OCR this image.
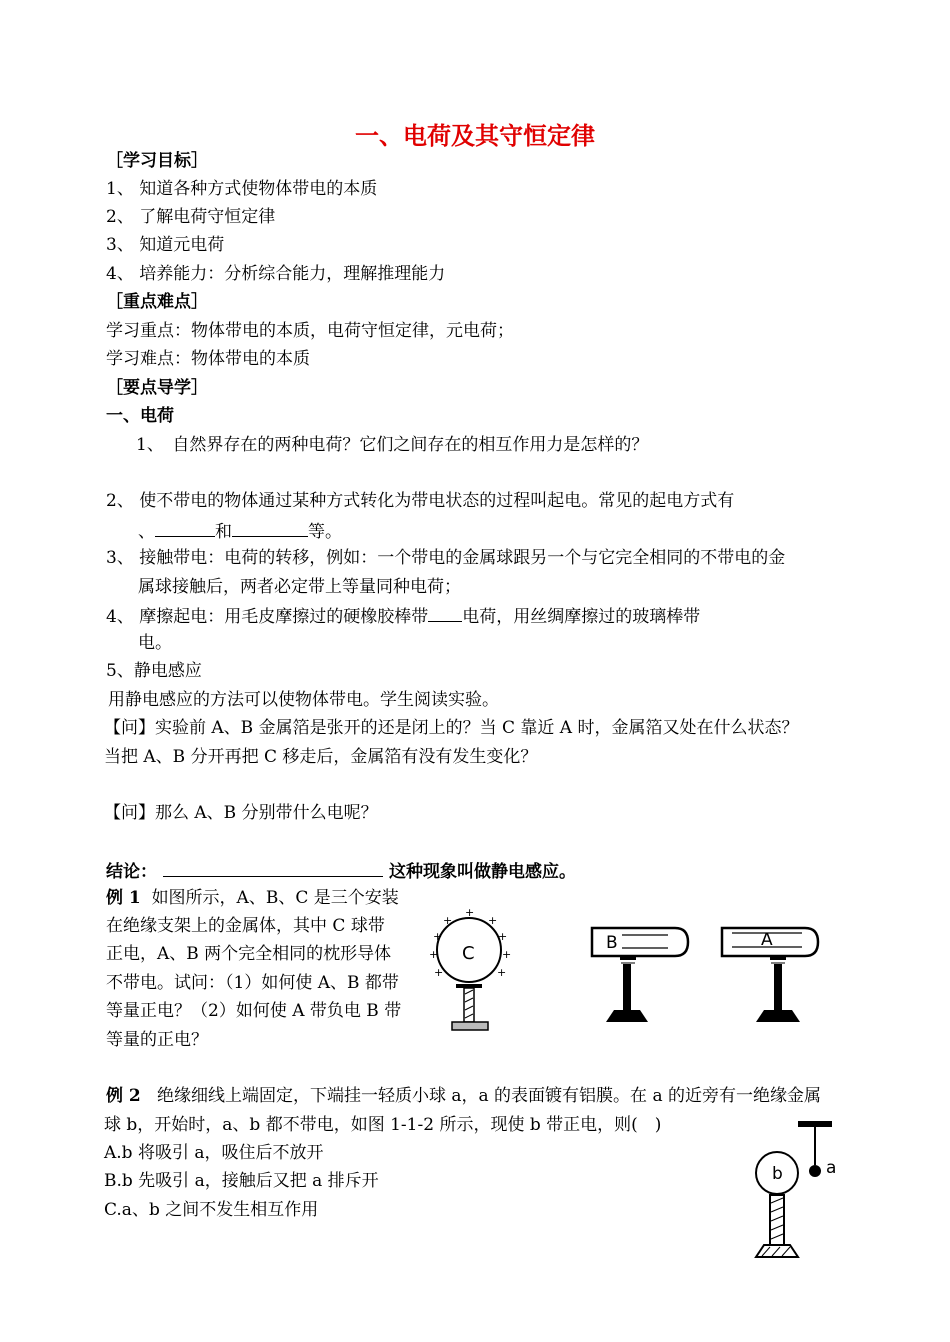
一、电荷及其守恒定律
［学习目标］
1、 知道各种方式使物体带电的本质
2、 了解电荷守恒定律
3、 知道元电荷
4、 培养能力：分析综合能力，理解推理能力
［重点难点］
学习重点：物体带电的本质，电荷守恒定律，元电荷；
学习难点：物体带电的本质
［要点导学］
一、电荷
1、　自然界存在的两种电荷？它们之间存在的相互作用力是怎样的？
2、 使不带电的物体通过某种方式转化为带电状态的过程叫起电。常见的起电方式有
、	和	等。
3、 接触带电：电荷的转移，例如：一个带电的金属球跟另一个与它完全相同的不带电的金
属球接触后，两者必定带上等量同种电荷；
4、 摩擦起电：用毛皮摩擦过的硬橡胶棒带 电荷，用丝绸摩擦过的玻璃棒带
电。
5、静电感应
用静电感应的方法可以使物体带电。学生阅读实验。
【问】实验前 A、B 金属箔是张开的还是闭上的？当 C 靠近 A 时，金属箔又处在什么状态？
当把 A、B 分开再把 C 移走后，金属箔有没有发生变化？
【问】那么 A、B 分别带什么电呢？
结论：	这种现象叫做静电感应。
例 1 如图所示，A、B、C 是三个安装
在绝缘支架上的金属体，其中 C 球带
正电，A、B 两个完全相同的枕形导体
不带电。试问：（1）如何使 A、B 都带
等量正电？（2）如何使 A 带负电 B 带
等量的正电？
C
+
+	+
+	+
+	+
+	+
B	A
例 2 绝缘细线上端固定，下端挂一轻质小球 a，a 的表面镀有铝膜。在 a 的近旁有一绝缘金属
球 b，开始时，a、b 都不带电，如图 1-1-2 所示，现使 b 带正电，则(　)
A.b 将吸引 a，吸住后不放开
B.b 先吸引 a，接触后又把 a 排斥开
C.a、b 之间不发生相互作用
a
b
